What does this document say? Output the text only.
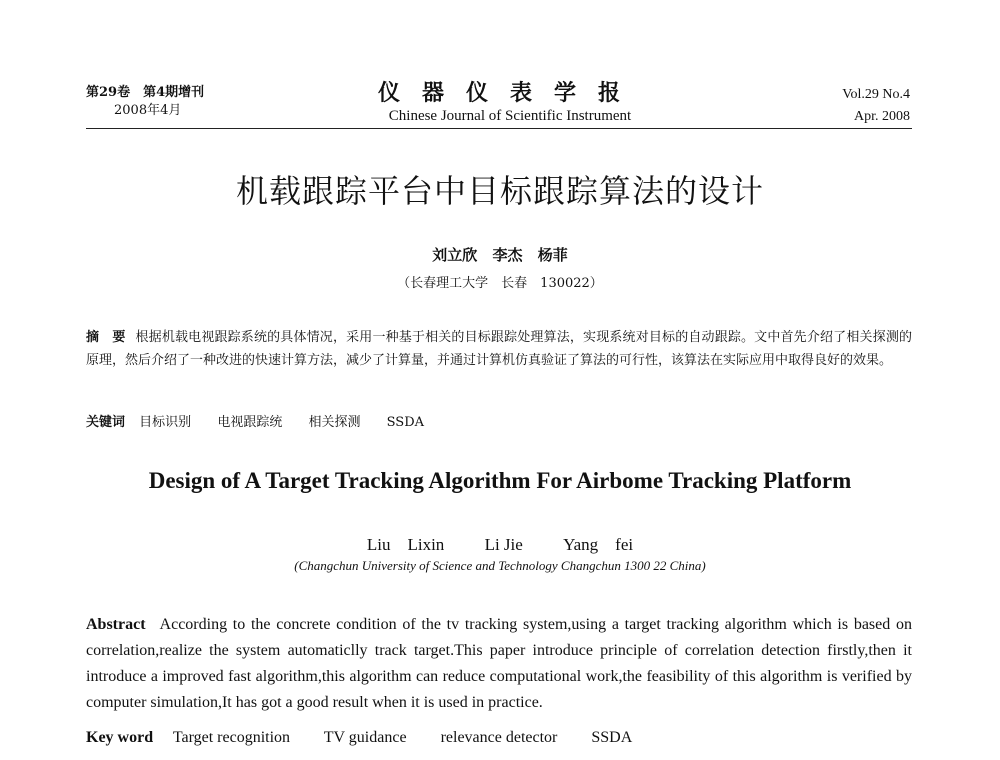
第29卷　第4期增刊
2008年4月
仪器仪表学报
Chinese Journal of Scientific Instrument
Vol.29 No.4
Apr. 2008
机载跟踪平台中目标跟踪算法的设计
刘立欣 李杰 杨菲
（长春理工大学　长春　130022）
摘　要 根据机载电视跟踪系统的具体情况，采用一种基于相关的目标跟踪处理算法，实现系统对目标的自动跟踪。文中首先介绍了相关探测的原理，然后介绍了一种改进的快速计算方法，减少了计算量，并通过计算机仿真验证了算法的可行性，该算法在实际应用中取得良好的效果。
关键词 目标识别 电视跟踪统 相关探测 SSDA
Design of A Target Tracking Algorithm For Airbome Tracking Platform
Liu　Lixin Li Jie Yang　fei
(Changchun University of Science and Technology Changchun 1300 22 China)
Abstract According to the concrete condition of the tv tracking system,using a target tracking algorithm which is based on correlation,realize the system automaticlly track target.This paper introduce principle of correlation detection firstly,then it introduce a improved fast algorithm,this algorithm can reduce computational work,the feasibility of this algorithm is verified by computer simulation,It has got a good result when it is used in practice.
Key word Target recognition TV guidance relevance detector SSDA
